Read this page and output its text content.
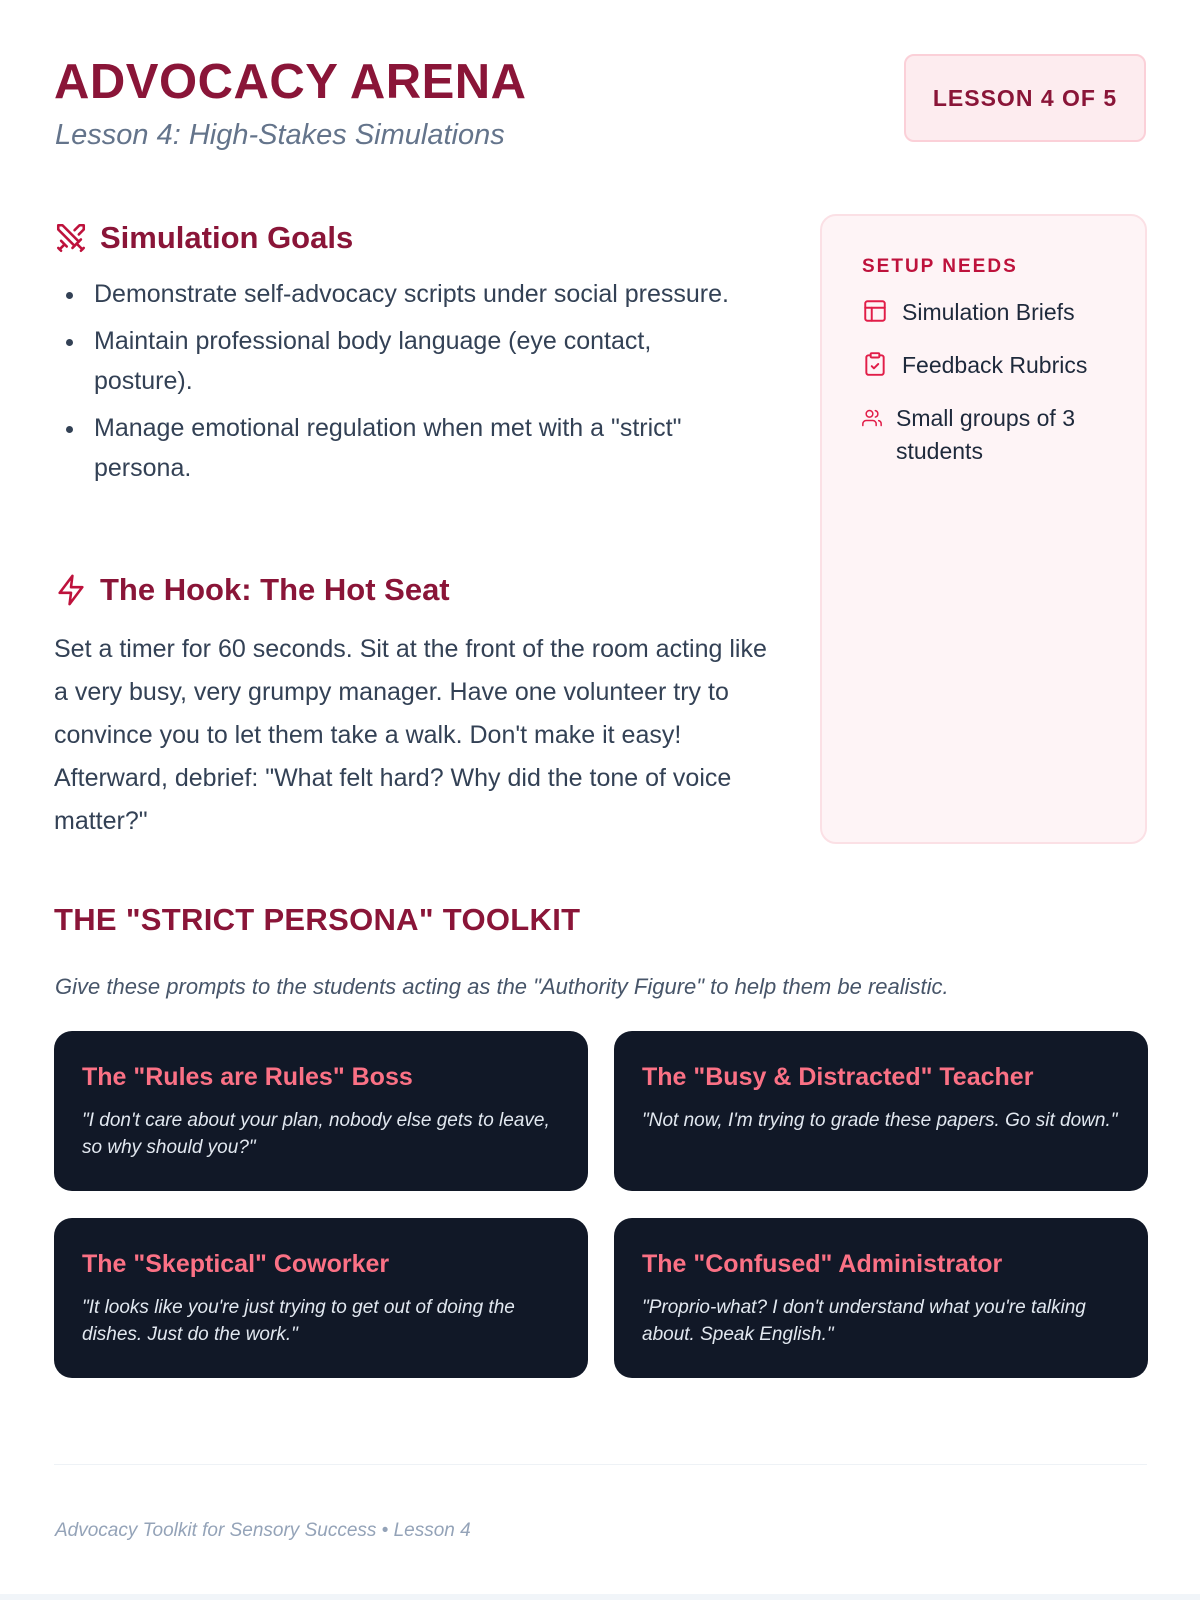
ADVOCACY ARENA

Lesson 4: High-Stakes Simulations

LESSON 4 OF 5
Simulation Goals
Demonstrate self-advocacy scripts under social pressure.
Maintain professional body language (eye contact, posture).
Manage emotional regulation when met with a "strict" persona.
The Hook: The Hot Seat

Set a timer for 60 seconds. Sit at the front of the room acting like a very busy, very grumpy manager. Have one volunteer try to convince you to let them take a walk. Don't make it easy! Afterward, debrief: "What felt hard? Why did the tone of voice matter?"

SETUP NEEDS

Simulation Briefs
Feedback Rubrics
Small groups of 3 students
THE "STRICT PERSONA" TOOLKIT

Give these prompts to the students acting as the "Authority Figure" to help them be realistic.

The "Rules are Rules" Boss

"I don't care about your plan, nobody else gets to leave, so why should you?"

The "Busy & Distracted" Teacher

"Not now, I'm trying to grade these papers. Go sit down."

The "Skeptical" Coworker

"It looks like you're just trying to get out of doing the dishes. Just do the work."

The "Confused" Administrator

"Proprio-what? I don't understand what you're talking about. Speak English."

Advocacy Toolkit for Sensory Success • Lesson 4
